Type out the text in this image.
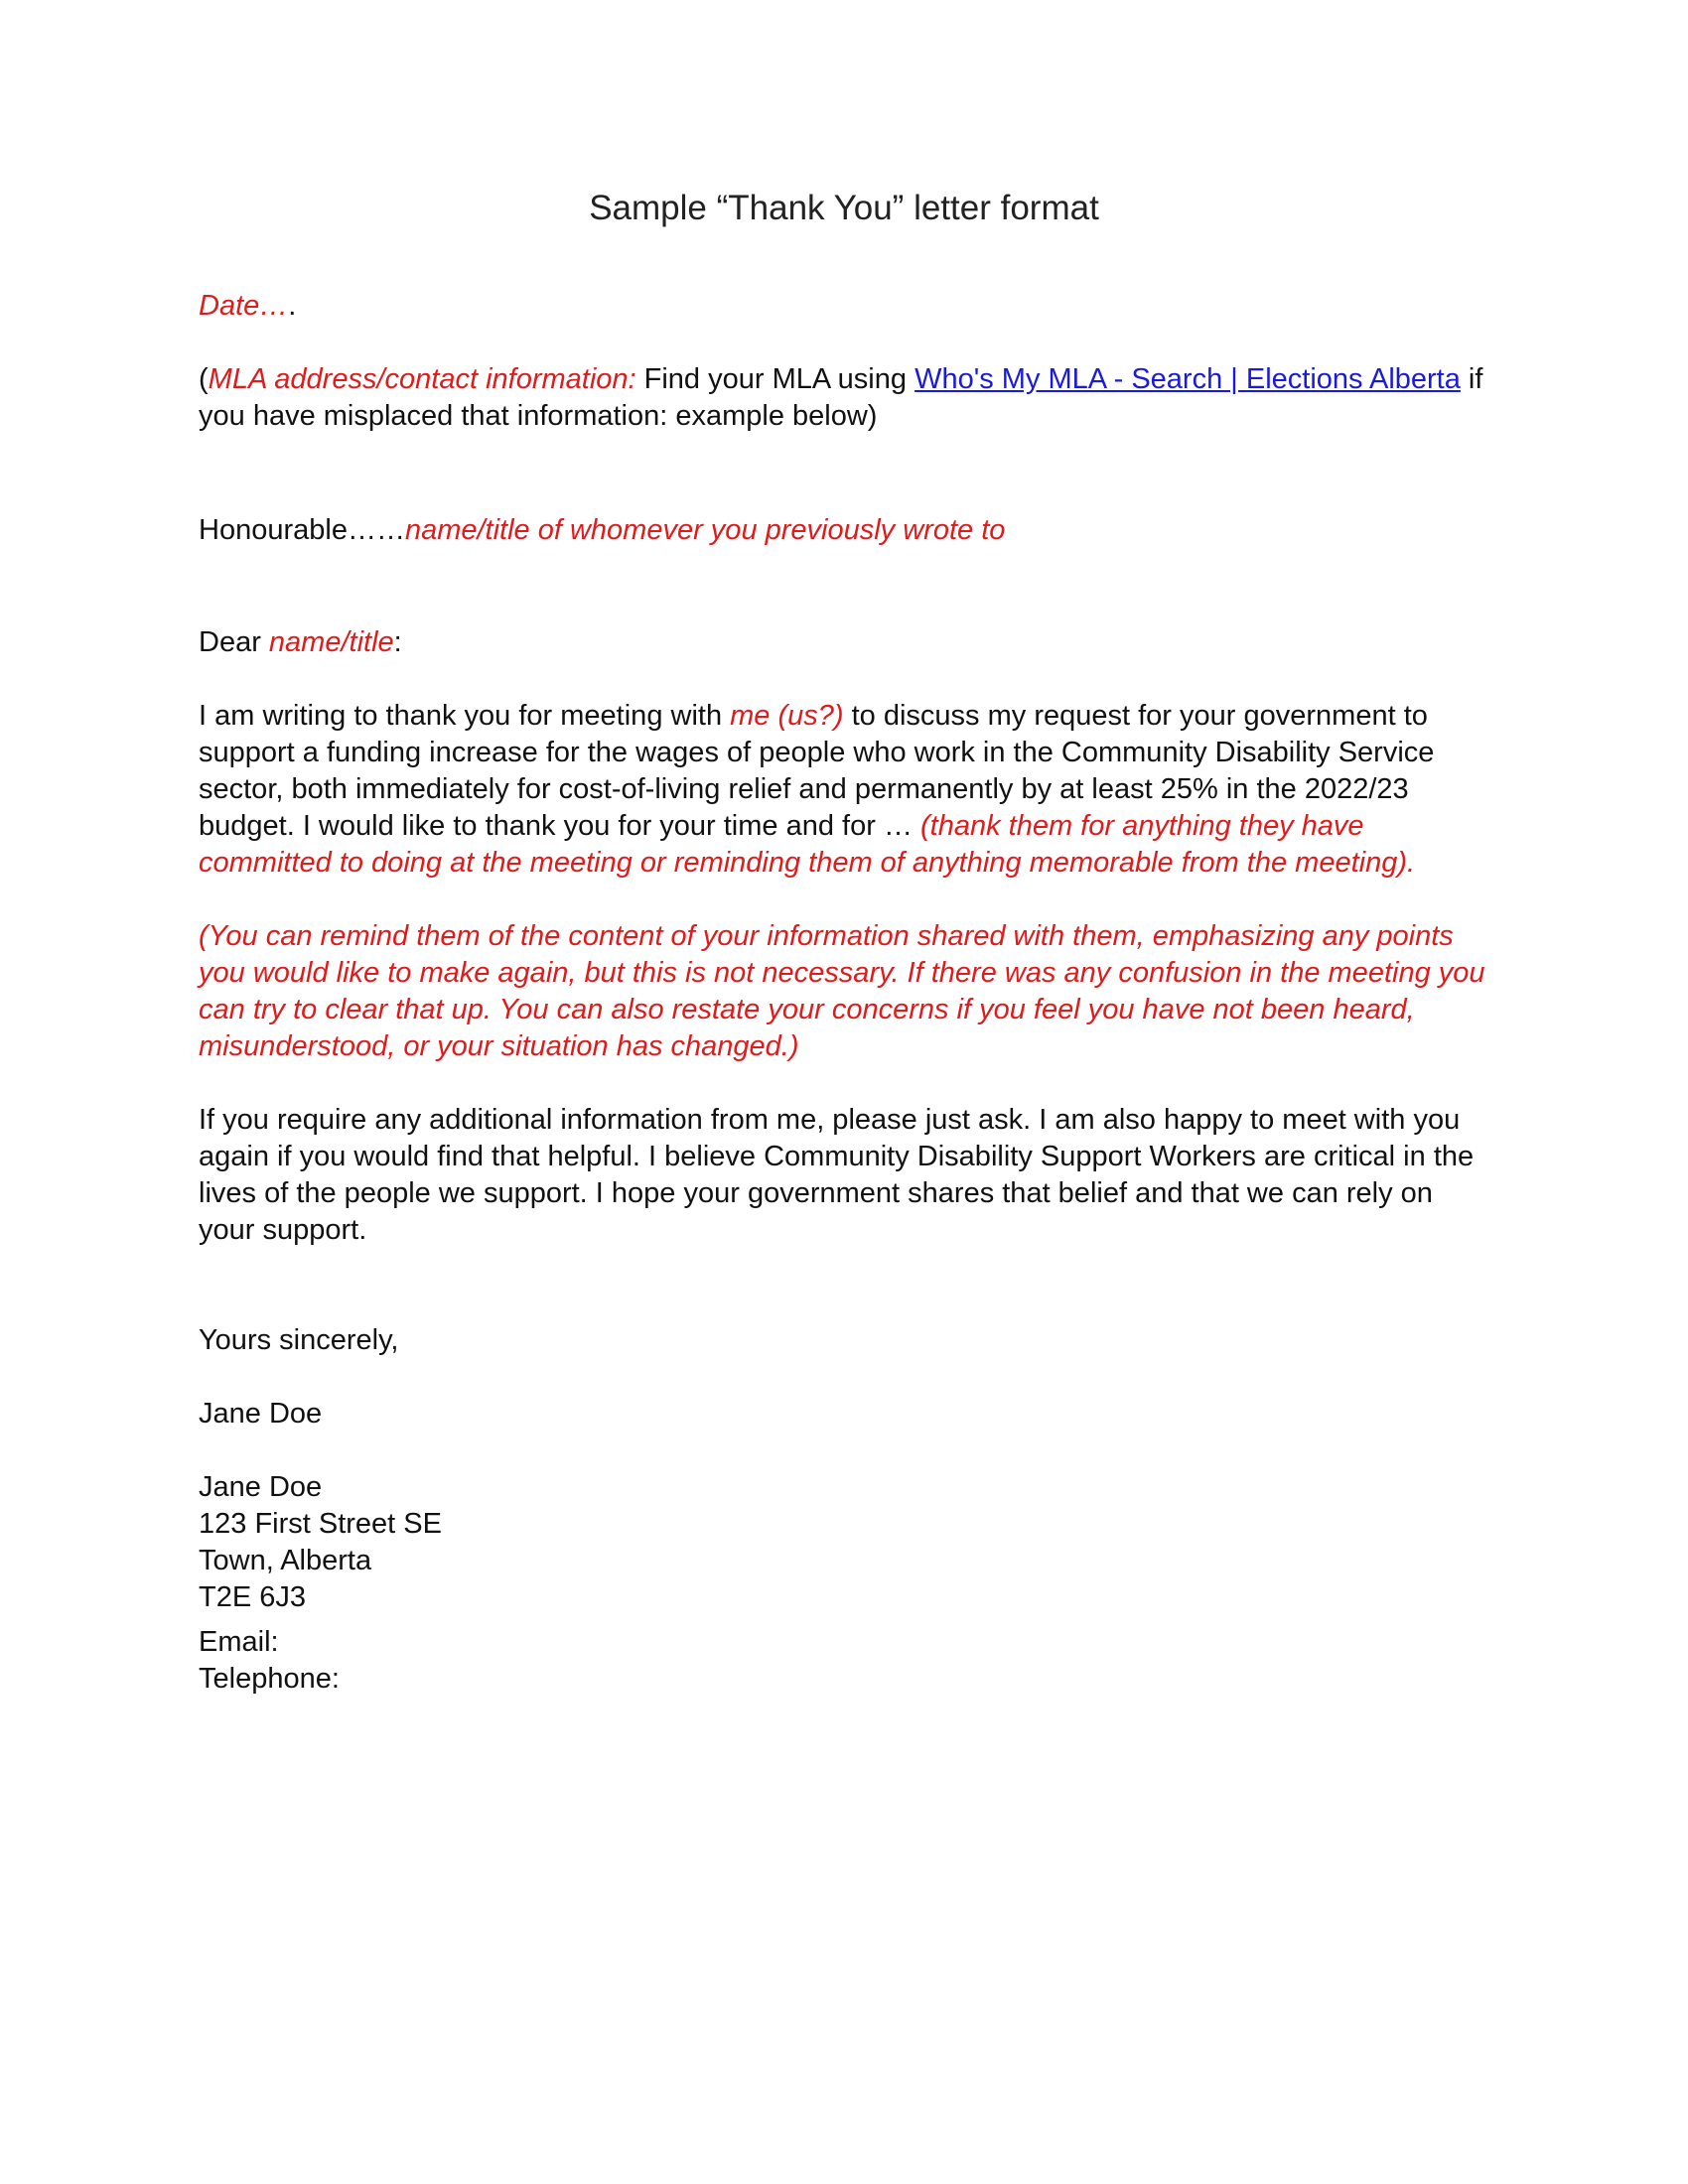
Sample “Thank You” letter format

Date….

(MLA address/contact information: Find your MLA using Who's My MLA - Search | Elections Alberta if you have misplaced that information: example below)

Honourable……name/title of whomever you previously wrote to

Dear name/title:

I am writing to thank you for meeting with me (us?) to discuss my request for your government to support a funding increase for the wages of people who work in the Community Disability Service sector, both immediately for cost-of-living relief and permanently by at least 25% in the 2022/23 budget. I would like to thank you for your time and for … (thank them for anything they have committed to doing at the meeting or reminding them of anything memorable from the meeting).

(You can remind them of the content of your information shared with them, emphasizing any points you would like to make again, but this is not necessary. If there was any confusion in the meeting you can try to clear that up. You can also restate your concerns if you feel you have not been heard, misunderstood, or your situation has changed.)

If you require any additional information from me, please just ask. I am also happy to meet with you again if you would find that helpful. I believe Community Disability Support Workers are critical in the lives of the people we support. I hope your government shares that belief and that we can rely on your support.

Yours sincerely,

Jane Doe

Jane Doe

123 First Street SE

Town, Alberta

T2E 6J3

Email:

Telephone:
